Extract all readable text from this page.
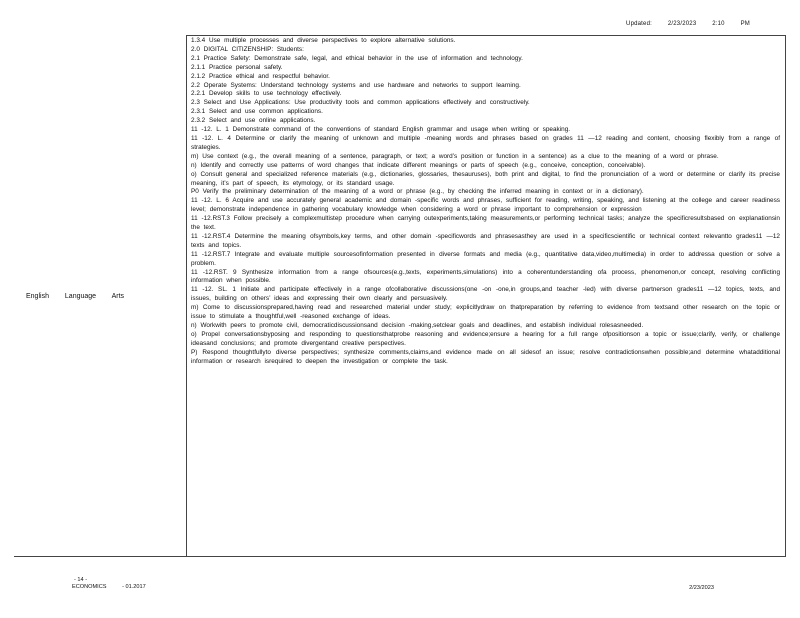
Updated:	2/23/2023	2:10	PM
English Language Arts

1.3.4 Use multiple processes and diverse perspectives to explore alternative solutions.

2.0 DIGITAL CITIZENSHIP: Students:

2.1 Practice Safety: Demonstrate safe, legal, and ethical behavior in the use of information and technology.

2.1.1 Practice personal safety.

2.1.2 Practice ethical and respectful behavior.

2.2 Operate Systems: Understand technology systems and use hardware and networks to support learning.

2.2.1 Develop skills to use technology effectively.

2.3 Select and Use Applications: Use productivity tools and common applications effectively and constructively.

2.3.1 Select and use common applications.

2.3.2 Select and use online applications.

11 -12. L. 1 Demonstrate command of the conventions of standard English grammar and usage when writing or speaking.

11 -12. L. 4 Determine or clarify the meaning of unknown and multiple -meaning words and phrases based on grades 11 —12 reading and content, choosing flexibly from a range of strategies.

m) Use context (e.g., the overall meaning of a sentence, paragraph, or text; a word’s position or function in a sentence) as a clue to the meaning of a word or phrase.

n) Identify and correctly use patterns of word changes that indicate different meanings or parts of speech (e.g., conceive, conception, conceivable).

o) Consult general and specialized reference materials (e.g., dictionaries, glossaries, thesauruses), both print and digital, to find the pronunciation of a word or determine or clarify its precise meaning, it’s part of speech, its etymology, or its standard usage.

P0 Verify the preliminary determination of the meaning of a word or phrase (e.g., by checking the inferred meaning in context or in a dictionary).

11 -12. L. 6 Acquire and use accurately general academic and domain -specific words and phrases, sufficient for reading, writing, speaking, and listening at the college and career readiness level; demonstrate independence in gathering vocabulary knowledge when considering a word or phrase important to comprehension or expression

11 -12.RST.3 Follow precisely a complexmultistep procedure when carrying outexperiments,taking measurements,or performing technical tasks; analyze the specificresultsbased on explanationsin the text.

11 -12.RST.4 Determine the meaning ofsymbols,key terms, and other domain -specificwords and phrasesasthey are used in a specificscientific or technical context relevantto grades11 —12 texts and topics.

11 -12.RST.7 Integrate and evaluate multiple sourcesofinformation presented in diverse formats and media (e.g., quantitative data,video,multimedia) in order to addressa question or solve a problem.

11 -12.RST. 9 Synthesize information from a range ofsources(e.g.,texts, experiments,simulations) into a coherentunderstanding ofa process, phenomenon,or concept, resolving conflicting information when possible.

11 -12. SL. 1 Initiate and participate effectively in a range ofcollaborative discussions(one -on -one,in groups,and teacher -led) with diverse partnerson grades11 —12 topics, texts, and issues, building on others’ ideas and expressing their own clearly and persuasively.

m) Come to discussionsprepared,having read and researched material under study; explicitlydraw on thatpreparation by referring to evidence from textsand other research on the topic or issue to stimulate a thoughtful,well -reasoned exchange of ideas.

n) Workwith peers to promote civil, democraticdiscussionsand decision -making,setclear goals and deadlines, and establish individual rolesasneeded.

o) Propel conversationsbyposing and responding to questionsthatprobe reasoning and evidence;ensure a hearing for a full range ofpositionson a topic or issue;clarify, verify, or challenge ideasand conclusions; and promote divergentand creative perspectives.

P) Respond thoughtfullyto diverse perspectives; synthesize comments,claims,and evidence made on all sidesof an issue; resolve contradictionswhen possible;and determine whatadditional information or research isrequired to deepen the investigation or complete the task.

- 14 -
ECONOMICS	- 01.2017	2/23/2023
